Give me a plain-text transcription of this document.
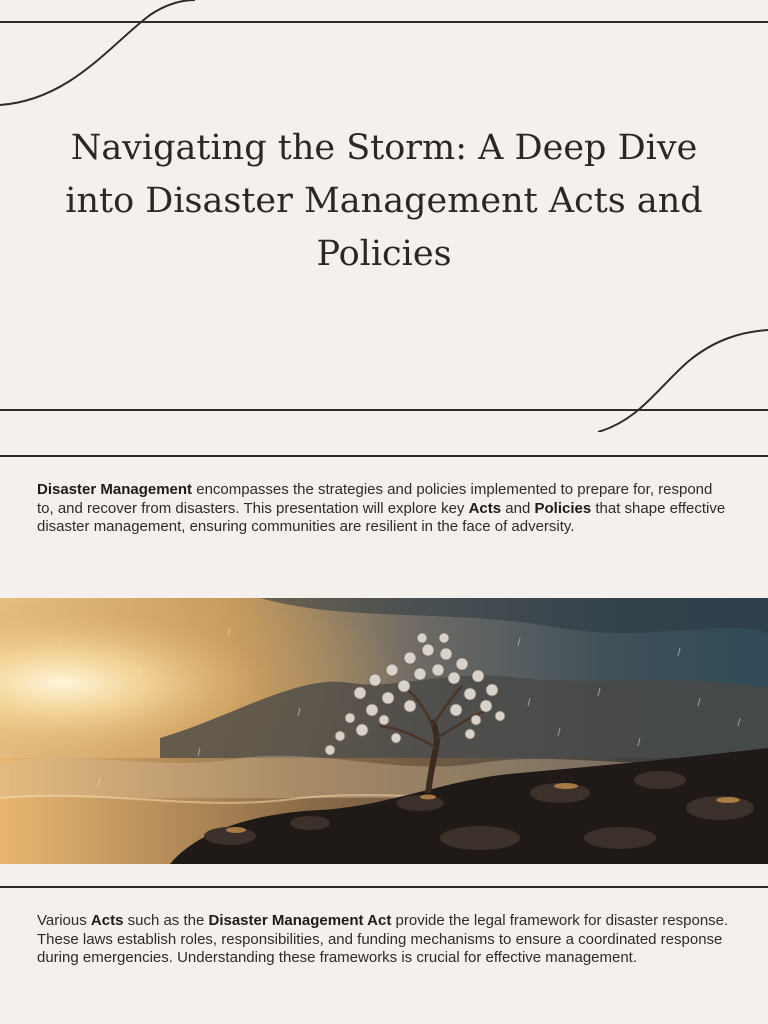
Navigating the Storm: A Deep Dive into Disaster Management Acts and Policies

Disaster Management encompasses the strategies and policies implemented to prepare for, respond to, and recover from disasters. This presentation will explore key Acts and Policies that shape effective disaster management, ensuring communities are resilient in the face of adversity.

Various Acts such as the Disaster Management Act provide the legal framework for disaster response. These laws establish roles, responsibilities, and funding mechanisms to ensure a coordinated response during emergencies. Understanding these frameworks is crucial for effective management.
